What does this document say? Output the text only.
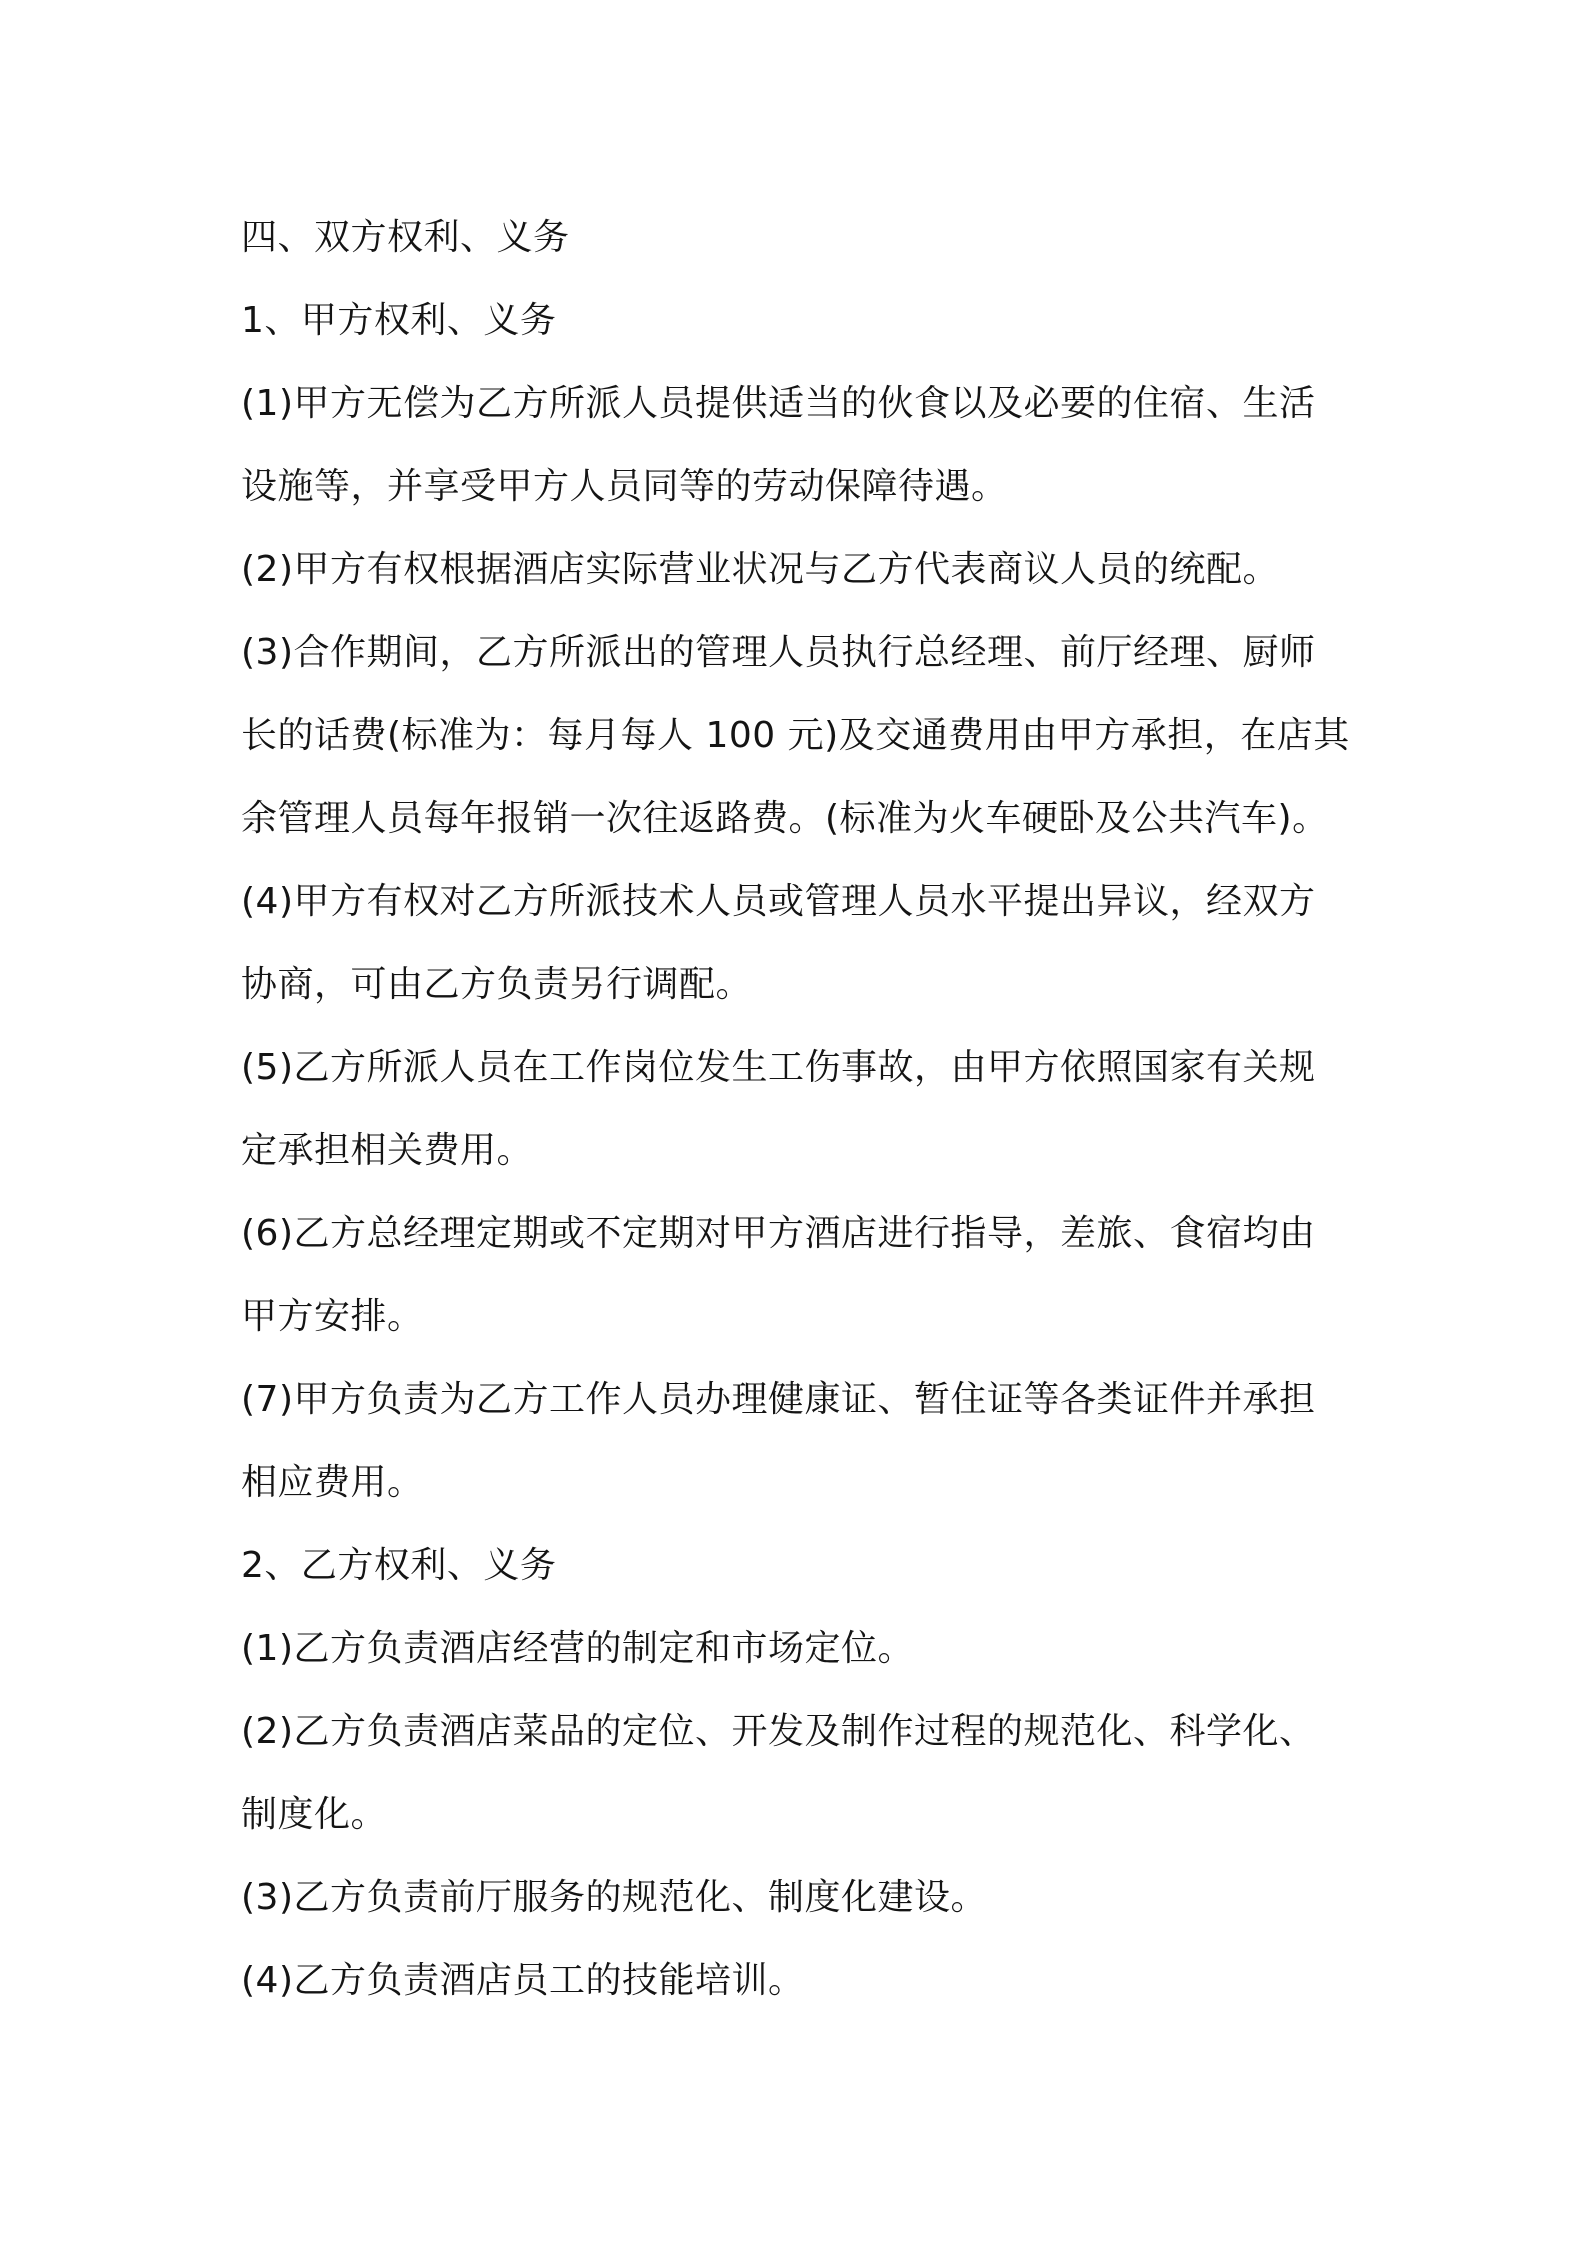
四、双方权利、义务
1、甲方权利、义务
(1)甲方无偿为乙方所派人员提供适当的伙食以及必要的住宿、生活
设施等，并享受甲方人员同等的劳动保障待遇。
(2)甲方有权根据酒店实际营业状况与乙方代表商议人员的统配。
(3)合作期间，乙方所派出的管理人员执行总经理、前厅经理、厨师
长的话费(标准为：每月每人 100 元)及交通费用由甲方承担，在店其
余管理人员每年报销一次往返路费。(标准为火车硬卧及公共汽车)。
(4)甲方有权对乙方所派技术人员或管理人员水平提出异议，经双方
协商，可由乙方负责另行调配。
(5)乙方所派人员在工作岗位发生工伤事故，由甲方依照国家有关规
定承担相关费用。
(6)乙方总经理定期或不定期对甲方酒店进行指导，差旅、食宿均由
甲方安排。
(7)甲方负责为乙方工作人员办理健康证、暂住证等各类证件并承担
相应费用。
2、乙方权利、义务
(1)乙方负责酒店经营的制定和市场定位。
(2)乙方负责酒店菜品的定位、开发及制作过程的规范化、科学化、
制度化。
(3)乙方负责前厅服务的规范化、制度化建设。
(4)乙方负责酒店员工的技能培训。
